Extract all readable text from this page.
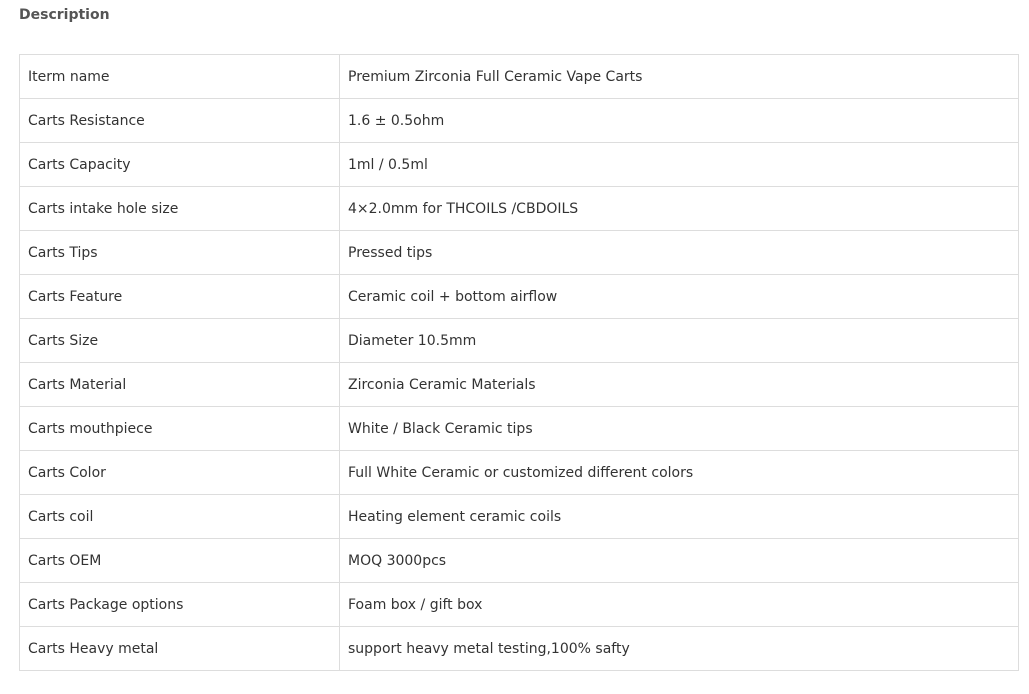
Description
Iterm name	Premium Zirconia Full Ceramic Vape Carts
Carts Resistance	1.6 ± 0.5ohm
Carts Capacity	1ml / 0.5ml
Carts intake hole size	4×2.0mm for THCOILS /CBDOILS
Carts Tips	Pressed tips
Carts Feature	Ceramic coil + bottom airflow
Carts Size	Diameter 10.5mm
Carts Material	Zirconia Ceramic Materials
Carts mouthpiece	White / Black Ceramic tips
Carts Color	Full White Ceramic or customized different colors
Carts coil	Heating element ceramic coils
Carts OEM	MOQ 3000pcs
Carts Package options	Foam box / gift box
Carts Heavy metal	support heavy metal testing,100% safty
